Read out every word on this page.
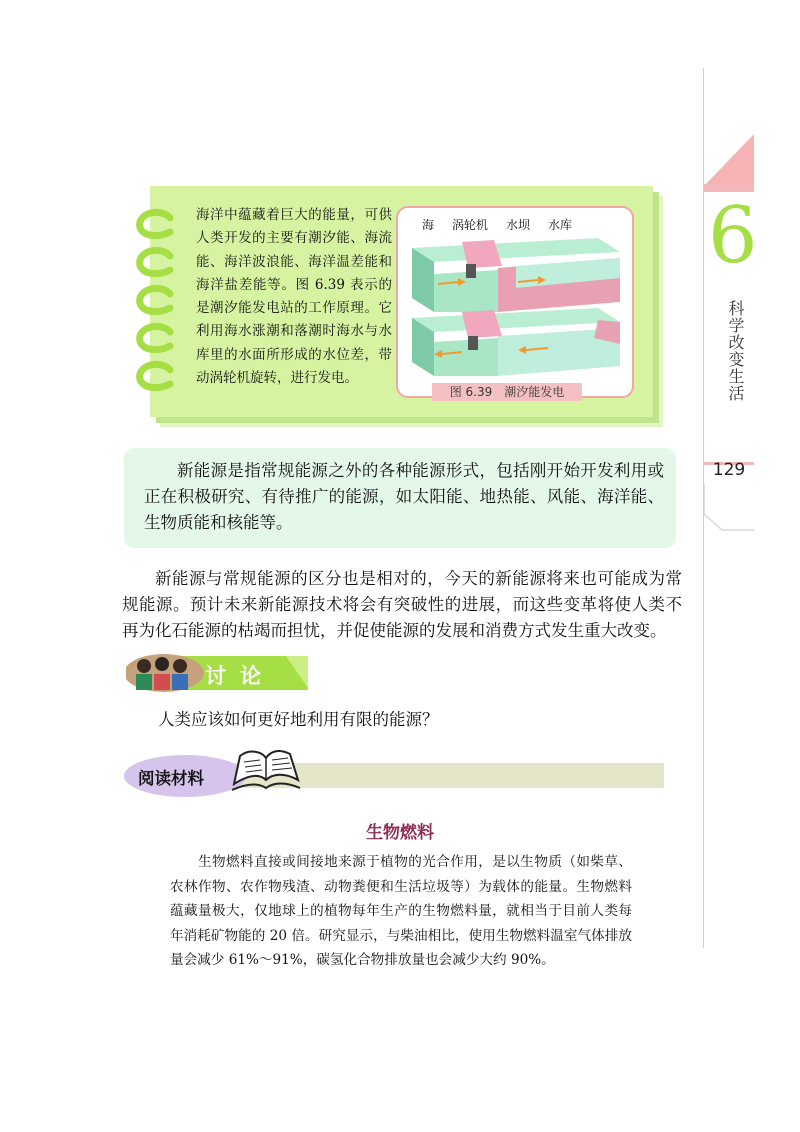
6
科学改变生活
129
海洋中蕴藏着巨大的能量，可供人类开发的主要有潮汐能、海流能、海洋波浪能、海洋温差能和海洋盐差能等。图 6.39 表示的是潮汐能发电站的工作原理。它利用海水涨潮和落潮时海水与水库里的水面所形成的水位差，带动涡轮机旋转，进行发电。
海 涡轮机 水坝 水库
图 6.39　潮汐能发电
新能源是指常规能源之外的各种能源形式，包括刚开始开发利用或正在积极研究、有待推广的能源，如太阳能、地热能、风能、海洋能、生物质能和核能等。
新能源与常规能源的区分也是相对的，今天的新能源将来也可能成为常规能源。预计未来新能源技术将会有突破性的进展，而这些变革将使人类不再为化石能源的枯竭而担忧，并促使能源的发展和消费方式发生重大改变。
讨论
人类应该如何更好地利用有限的能源？
阅读材料
生物燃料
生物燃料直接或间接地来源于植物的光合作用，是以生物质（如柴草、农林作物、农作物残渣、动物粪便和生活垃圾等）为载体的能量。生物燃料蕴藏量极大，仅地球上的植物每年生产的生物燃料量，就相当于目前人类每年消耗矿物能的 20 倍。研究显示，与柴油相比，使用生物燃料温室气体排放量会减少 61%～91%，碳氢化合物排放量也会减少大约 90%。
